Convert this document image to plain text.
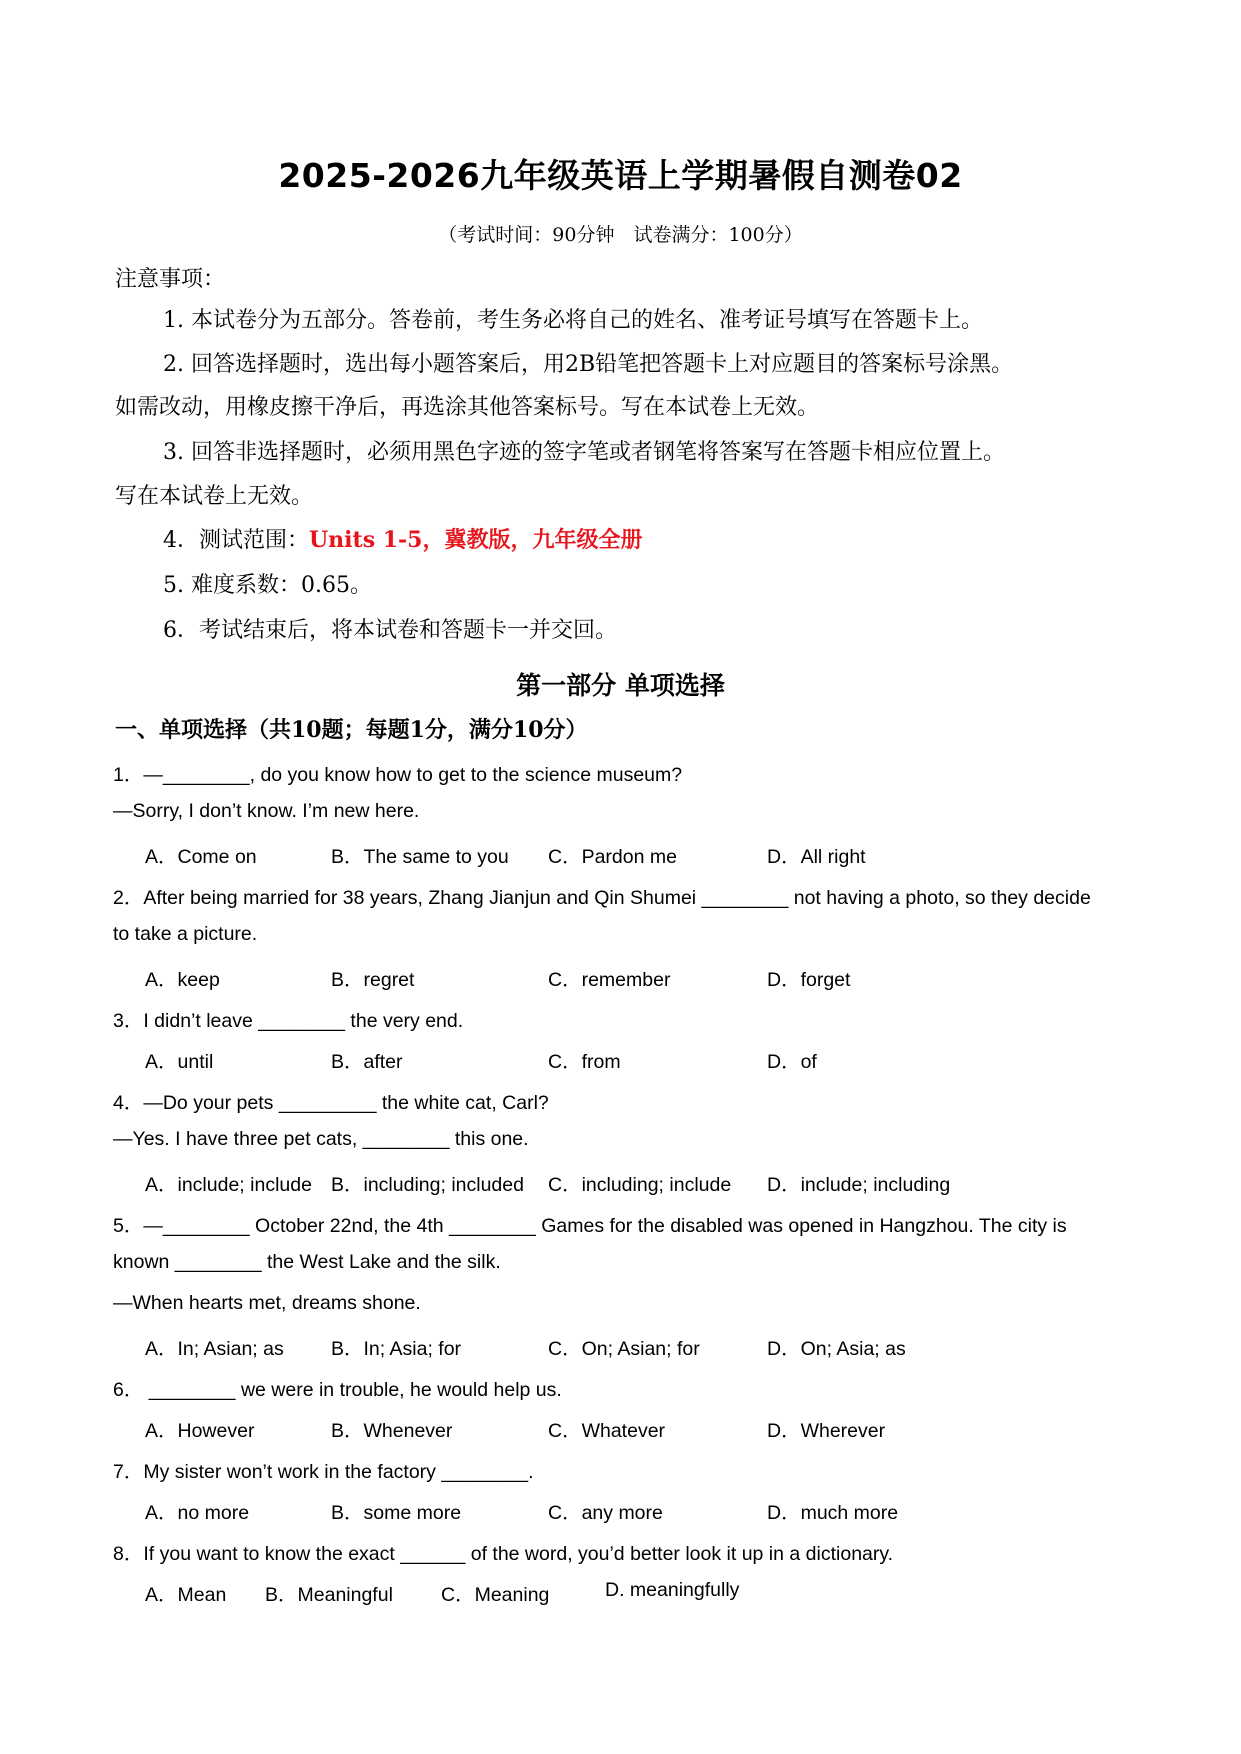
2025-2026九年级英语上学期暑假自测卷02
（考试时间：90分钟　试卷满分：100分）
注意事项：
1. 本试卷分为五部分。答卷前，考生务必将自己的姓名、准考证号填写在答题卡上。
2. 回答选择题时，选出每小题答案后，用2B铅笔把答题卡上对应题目的答案标号涂黑。
如需改动，用橡皮擦干净后，再选涂其他答案标号。写在本试卷上无效。
3. 回答非选择题时，必须用黑色字迹的签字笔或者钢笔将答案写在答题卡相应位置上。
写在本试卷上无效。
4．测试范围：Units 1-5，冀教版，九年级全册
5. 难度系数：0.65。
6．考试结束后，将本试卷和答题卡一并交回。
第一部分 单项选择
一、单项选择（共10题；每题1分，满分10分）
1．—________, do you know how to get to the science museum?
—Sorry, I don’t know. I’m new here.
A．Come on	B．The same to you C．Pardon me	D．All right
2．After being married for 38 years, Zhang Jianjun and Qin Shumei ________ not having a photo, so they decide
to take a picture.
A．keep	B．regret	C．remember	D．forget
3．I didn’t leave ________ the very end.
A．until	B．after	C．from	D．of
4．—Do your pets _________ the white cat, Carl?
—Yes. I have three pet cats, ________ this one.
A．include; include B．including; included C．including; include D．include; including
5．—________ October 22nd, the 4th ________ Games for the disabled was opened in Hangzhou. The city is
known ________ the West Lake and the silk.
—When hearts met, dreams shone.
A．In; Asian; as B．In; Asia; for	C．On; Asian; for	D．On; Asia; as
6． ________ we were in trouble, he would help us.
A．However	B．Whenever	C．Whatever	D．Wherever
7．My sister won’t work in the factory ________.
A．no more	B．some more	C．any more	D．much more
8．If you want to know the exact ______ of the word, you’d better look it up in a dictionary.
A．Mean B．Meaningful C．Meaning	D. meaningfully
